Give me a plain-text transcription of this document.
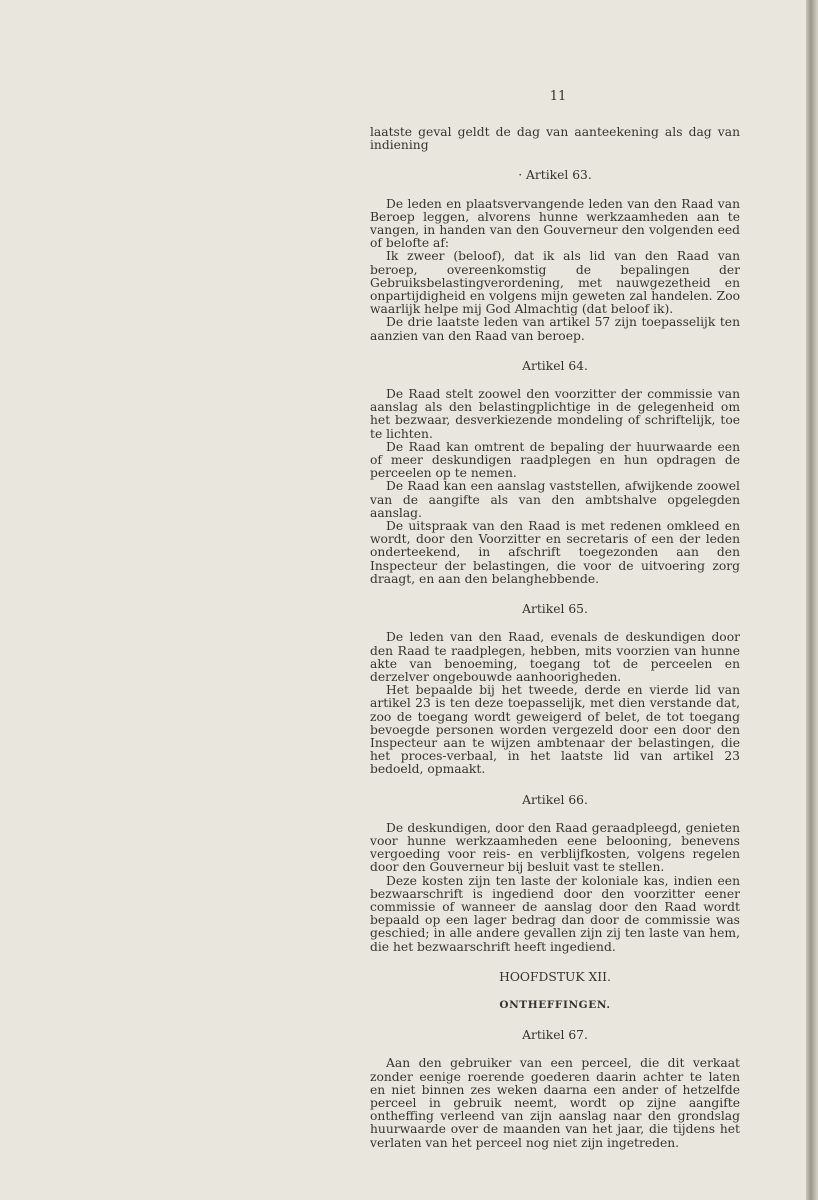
11

laatste geval geldt de dag van aanteekening als dag van indiening

· Artikel 63.

De leden en plaatsvervangende leden van den Raad van Beroep leggen, alvorens hunne werkzaamheden aan te vangen, in handen van den Gouverneur den volgenden eed of belofte af:

Ik zweer (beloof), dat ik als lid van den Raad van beroep, overeenkomstig de bepalingen der Gebruiksbelastingverordening, met nauwgezetheid en onpartijdigheid en volgens mijn geweten zal handelen. Zoo waarlijk helpe mij God Almachtig (dat beloof ik).

De drie laatste leden van artikel 57 zijn toepasselijk ten aanzien van den Raad van beroep.

Artikel 64.

De Raad stelt zoowel den voorzitter der commissie van aanslag als den belastingplichtige in de gelegenheid om het bezwaar, desverkiezende mondeling of schriftelijk, toe te lichten.

De Raad kan omtrent de bepaling der huurwaarde een of meer deskundigen raadplegen en hun opdragen de perceelen op te nemen.

De Raad kan een aanslag vaststellen, afwijkende zoowel van de aangifte als van den ambtshalve opgelegden aanslag.

De uitspraak van den Raad is met redenen omkleed en wordt, door den Voorzitter en secretaris of een der leden onderteekend, in afschrift toegezonden aan den Inspecteur der belastingen, die voor de uitvoering zorg draagt, en aan den belanghebbende.

Artikel 65.

De leden van den Raad, evenals de deskundigen door den Raad te raadplegen, hebben, mits voorzien van hunne akte van benoeming, toegang tot de perceelen en derzelver ongebouwde aanhoorigheden.

Het bepaalde bij het tweede, derde en vierde lid van artikel 23 is ten deze toepasselijk, met dien verstande dat, zoo de toegang wordt geweigerd of belet, de tot toegang bevoegde personen worden vergezeld door een door den Inspecteur aan te wijzen ambtenaar der belastingen, die het proces-verbaal, in het laatste lid van artikel 23 bedoeld, opmaakt.

Artikel 66.

De deskundigen, door den Raad geraadpleegd, genieten voor hunne werkzaamheden eene belooning, benevens vergoeding voor reis- en verblijfkosten, volgens regelen door den Gouverneur bij besluit vast te stellen.

Deze kosten zijn ten laste der koloniale kas, indien een bezwaarschrift is ingediend door den voorzitter eener commissie of wanneer de aanslag door den Raad wordt bepaald op een lager bedrag dan door de commissie was geschied; in alle andere gevallen zijn zij ten laste van hem, die het bezwaarschrift heeft ingediend.

HOOFDSTUK XII.
ONTHEFFINGEN.
Artikel 67.

Aan den gebruiker van een perceel, die dit verkaat zonder eenige roerende goederen daarin achter te laten en niet binnen zes weken daarna een ander of hetzelfde perceel in gebruik neemt, wordt op zijne aangifte ontheffing verleend van zijn aanslag naar den grondslag huurwaarde over de maanden van het jaar, die tijdens het verlaten van het perceel nog niet zijn ingetreden.
